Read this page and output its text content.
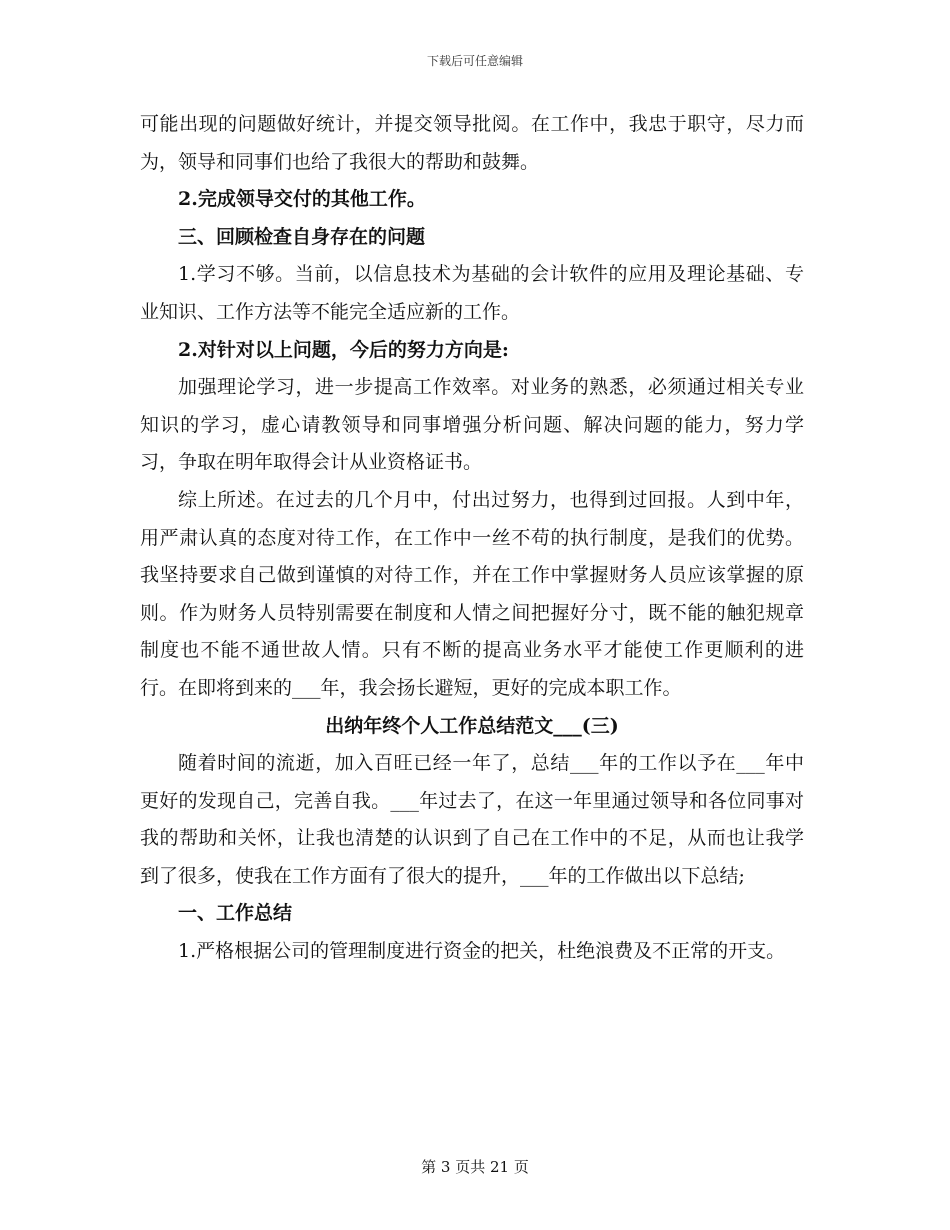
下载后可任意编辑

可能出现的问题做好统计，并提交领导批阅。在工作中，我忠于职守，尽力而为，领导和同事们也给了我很大的帮助和鼓舞。

2.完成领导交付的其他工作。

三、回顾检查自身存在的问题

1.学习不够。当前，以信息技术为基础的会计软件的应用及理论基础、专业知识、工作方法等不能完全适应新的工作。

2.对针对以上问题，今后的努力方向是:

加强理论学习，进一步提高工作效率。对业务的熟悉，必须通过相关专业知识的学习，虚心请教领导和同事增强分析问题、解决问题的能力，努力学习，争取在明年取得会计从业资格证书。

综上所述。在过去的几个月中，付出过努力，也得到过回报。人到中年，用严肃认真的态度对待工作，在工作中一丝不苟的执行制度，是我们的优势。我坚持要求自己做到谨慎的对待工作，并在工作中掌握财务人员应该掌握的原则。作为财务人员特别需要在制度和人情之间把握好分寸，既不能的触犯规章制度也不能不通世故人情。只有不断的提高业务水平才能使工作更顺利的进行。在即将到来的___年，我会扬长避短，更好的完成本职工作。

出纳年终个人工作总结范文___(三)

随着时间的流逝，加入百旺已经一年了，总结___年的工作以予在___年中更好的发现自己，完善自我。___年过去了，在这一年里通过领导和各位同事对我的帮助和关怀，让我也清楚的认识到了自己在工作中的不足，从而也让我学到了很多，使我在工作方面有了很大的提升，___年的工作做出以下总结;

一、工作总结

1.严格根据公司的管理制度进行资金的把关，杜绝浪费及不正常的开支。

第 3 页共 21 页
